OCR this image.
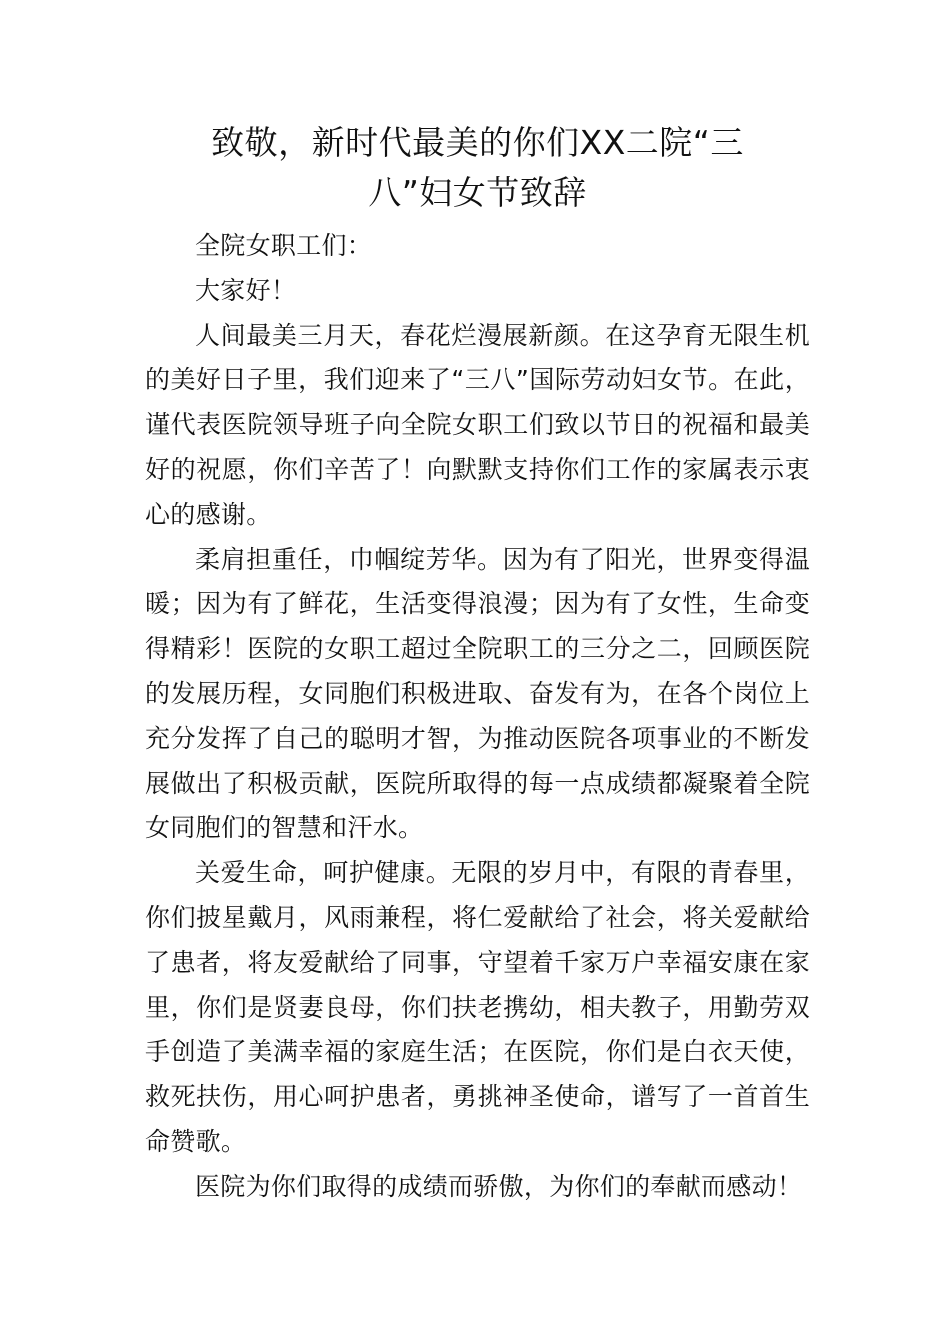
致敬，新时代最美的你们XX二院“三
八”妇女节致辞

全院女职工们：

大家好！

人间最美三月天，春花烂漫展新颜。在这孕育无限生机的美好日子里，我们迎来了“三八”国际劳动妇女节。在此，谨代表医院领导班子向全院女职工们致以节日的祝福和最美好的祝愿，你们辛苦了！向默默支持你们工作的家属表示衷心的感谢。

柔肩担重任，巾帼绽芳华。因为有了阳光，世界变得温暖；因为有了鲜花，生活变得浪漫；因为有了女性，生命变得精彩！医院的女职工超过全院职工的三分之二，回顾医院的发展历程，女同胞们积极进取、奋发有为，在各个岗位上充分发挥了自己的聪明才智，为推动医院各项事业的不断发展做出了积极贡献，医院所取得的每一点成绩都凝聚着全院女同胞们的智慧和汗水。

关爱生命，呵护健康。无限的岁月中，有限的青春里，你们披星戴月，风雨兼程，将仁爱献给了社会，将关爱献给了患者，将友爱献给了同事，守望着千家万户幸福安康在家里，你们是贤妻良母，你们扶老携幼，相夫教子，用勤劳双手创造了美满幸福的家庭生活；在医院，你们是白衣天使，救死扶伤，用心呵护患者，勇挑神圣使命，谱写了一首首生命赞歌。

医院为你们取得的成绩而骄傲，为你们的奉献而感动！
